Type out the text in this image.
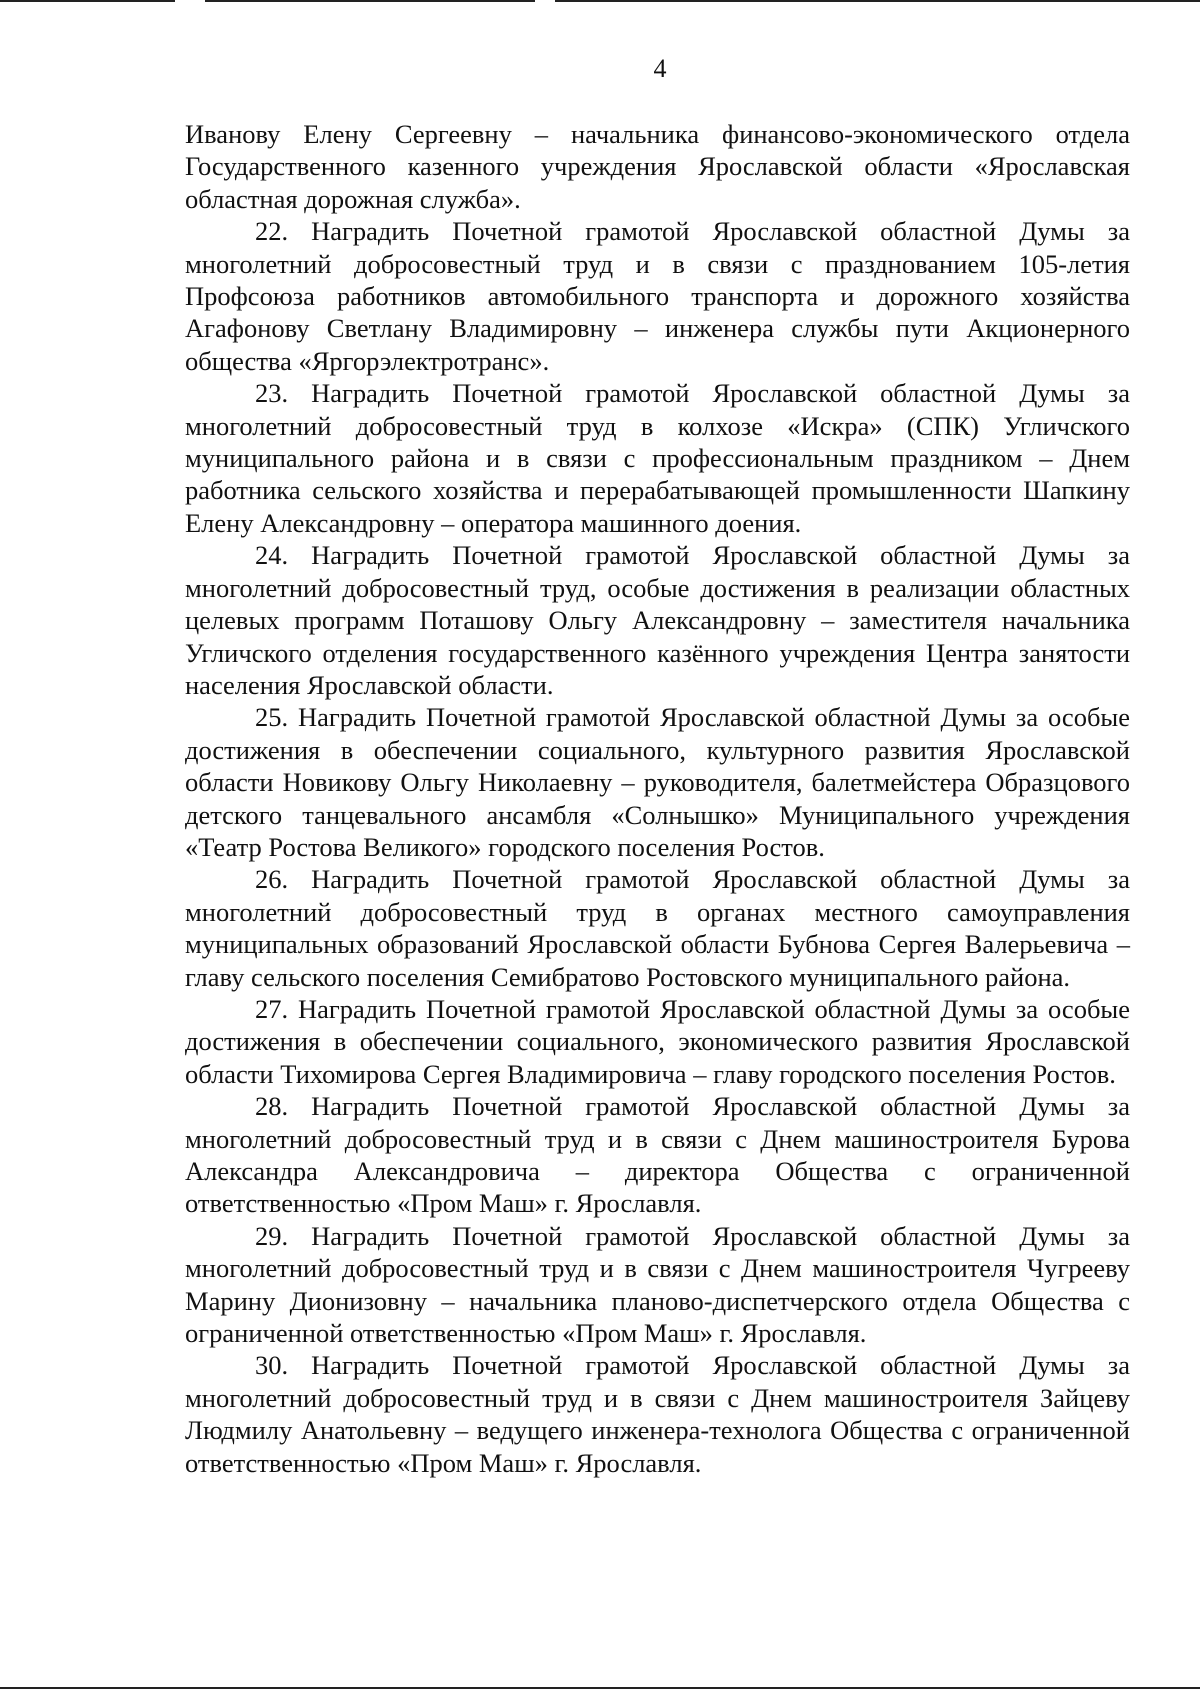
4

Иванову Елену Сергеевну – начальника финансово-экономического отдела Государственного казенного учреждения Ярославской области «Ярославская областная дорожная служба».

22. Наградить Почетной грамотой Ярославской областной Думы за многолетний добросовестный труд и в связи с празднованием 105-летия Профсоюза работников автомобильного транспорта и дорожного хозяйства Агафонову Светлану Владимировну – инженера службы пути Акционерного общества «Яргорэлектротранс».

23. Наградить Почетной грамотой Ярославской областной Думы за многолетний добросовестный труд в колхозе «Искра» (СПК) Угличского муниципального района и в связи с профессиональным праздником – Днем работника сельского хозяйства и перерабатывающей промышленности Шапкину Елену Александровну – оператора машинного доения.

24. Наградить Почетной грамотой Ярославской областной Думы за многолетний добросовестный труд, особые достижения в реализации областных целевых программ Поташову Ольгу Александровну – заместителя начальника Угличского отделения государственного казённого учреждения Центра занятости населения Ярославской области.

25. Наградить Почетной грамотой Ярославской областной Думы за особые достижения в обеспечении социального, культурного развития Ярославской области Новикову Ольгу Николаевну – руководителя, балетмейстера Образцового детского танцевального ансамбля «Солнышко» Муниципального учреждения «Театр Ростова Великого» городского поселения Ростов.

26. Наградить Почетной грамотой Ярославской областной Думы за многолетний добросовестный труд в органах местного самоуправления муниципальных образований Ярославской области Бубнова Сергея Валерьевича – главу сельского поселения Семибратово Ростовского муниципального района.

27. Наградить Почетной грамотой Ярославской областной Думы за особые достижения в обеспечении социального, экономического развития Ярославской области Тихомирова Сергея Владимировича – главу городского поселения Ростов.

28. Наградить Почетной грамотой Ярославской областной Думы за многолетний добросовестный труд и в связи с Днем машиностроителя Бурова Александра Александровича – директора Общества с ограниченной ответственностью «Пром Маш» г. Ярославля.

29. Наградить Почетной грамотой Ярославской областной Думы за многолетний добросовестный труд и в связи с Днем машиностроителя Чугрееву Марину Дионизовну – начальника планово-диспетчерского отдела Общества с ограниченной ответственностью «Пром Маш» г. Ярославля.

30. Наградить Почетной грамотой Ярославской областной Думы за многолетний добросовестный труд и в связи с Днем машиностроителя Зайцеву Людмилу Анатольевну – ведущего инженера-технолога Общества с ограниченной ответственностью «Пром Маш» г. Ярославля.
